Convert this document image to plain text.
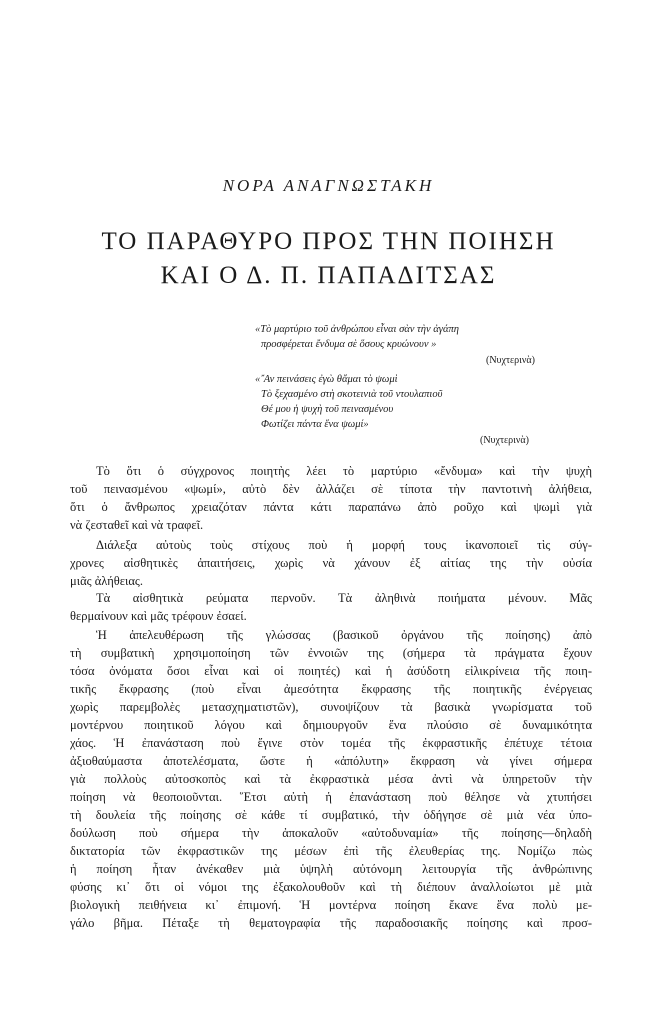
ΝΟΡΑ ΑΝΑΓΝΩΣΤΑΚΗ
ΤΟ ΠΑΡΑΘΥΡΟ ΠΡΟΣ ΤΗΝ ΠΟΙΗΣΗ
ΚΑΙ Ο Δ. Π. ΠΑΠΑΔΙΤΣΑΣ
«Τὸ μαρτύριο τοῦ ἀνθρώπου εἶναι σὰν τὴν ἀγάπη
προσφέρεται ἔνδυμα σὲ ὅσους κρυώνουν »
(Νυχτερινὰ)
«῎Αν πεινάσεις ἐγὼ θἄμαι τὸ ψωμὶ
Τὸ ξεχασμένο στὴ σκοτεινιὰ τοῦ ντουλαπιοῦ
Θέ μου ἡ ψυχὴ τοῦ πεινασμένου
Φωτίζει πάντα ἕνα ψωμί»
(Νυχτερινὰ)
Τὸ ὅτι ὁ σύγχρονος ποιητὴς λέει τὸ μαρτύριο «ἔνδυμα» καὶ τὴν ψυχὴ
τοῦ πεινασμένου «ψωμί», αὐτὸ δὲν ἀλλάζει σὲ τίποτα τὴν παντοτινὴ ἀλήθεια,
ὅτι ὁ ἄνθρωπος χρειαζόταν πάντα κάτι παραπάνω ἀπὸ ροῦχο καὶ ψωμὶ γιὰ
νὰ ζεσταθεῖ καὶ νὰ τραφεῖ.
Διάλεξα αὐτοὺς τοὺς στίχους ποὺ ἡ μορφή τους ἱκανοποιεῖ τὶς σύγ-
χρονες αἰσθητικὲς ἀπαιτήσεις, χωρὶς νὰ χάνουν ἐξ αἰτίας της τὴν οὐσία
μιᾶς ἀλήθειας.
Τὰ αἰσθητικὰ ρεύματα περνοῦν. Τὰ ἀληθινὰ ποιήματα μένουν. Μᾶς
θερμαίνουν καὶ μᾶς τρέφουν ἐσαεί.
Ἡ ἀπελευθέρωση τῆς γλώσσας (βασικοῦ ὀργάνου τῆς ποίησης) ἀπὸ
τὴ συμβατικὴ χρησιμοποίηση τῶν ἐννοιῶν της (σήμερα τὰ πράγματα ἔχουν
τόσα ὀνόματα ὅσοι εἶναι καὶ οἱ ποιητές) καὶ ἡ ἀσύδοτη εἰλικρίνεια τῆς ποιη-
τικῆς ἔκφρασης (ποὺ εἶναι ἀμεσότητα ἔκφρασης τῆς ποιητικῆς ἐνέργειας
χωρὶς παρεμβολὲς μετασχηματιστῶν), συνοψίζουν τὰ βασικὰ γνωρίσματα τοῦ
μοντέρνου ποιητικοῦ λόγου καὶ δημιουργοῦν ἕνα πλούσιο σὲ δυναμικότητα
χάος. Ἡ ἐπανάσταση ποὺ ἔγινε στὸν τομέα τῆς ἐκφραστικῆς ἐπέτυχε τέτοια
ἀξιοθαύμαστα ἀποτελέσματα, ὥστε ἡ «ἀπόλυτη» ἔκφραση νὰ γίνει σήμερα
γιὰ πολλοὺς αὐτοσκοπὸς καὶ τὰ ἐκφραστικὰ μέσα ἀντὶ νὰ ὑπηρετοῦν τὴν
ποίηση νὰ θεοποιοῦνται. ῞Ετσι αὐτὴ ἡ ἐπανάσταση ποὺ θέλησε νὰ χτυπήσει
τὴ δουλεία τῆς ποίησης σὲ κάθε τί συμβατικό, τὴν ὁδήγησε σὲ μιὰ νέα ὑπο-
δούλωση ποὺ σήμερα τὴν ἀποκαλοῦν «αὐτοδυναμία» τῆς ποίησης—δηλαδὴ
δικτατορία τῶν ἐκφραστικῶν της μέσων ἐπὶ τῆς ἐλευθερίας της. Νομίζω πὼς
ἡ ποίηση ἦταν ἀνέκαθεν μιὰ ὑψηλὴ αὐτόνομη λειτουργία τῆς ἀνθρώπινης
φύσης κι᾿ ὅτι οἱ νόμοι της ἐξακολουθοῦν καὶ τὴ διέπουν ἀναλλοίωτοι μὲ μιὰ
βιολογικὴ πειθήνεια κι᾿ ἐπιμονή. Ἡ μοντέρνα ποίηση ἔκανε ἕνα πολὺ με-
γάλο βῆμα. Πέταξε τὴ θεματογραφία τῆς παραδοσιακῆς ποίησης καὶ προσ-
